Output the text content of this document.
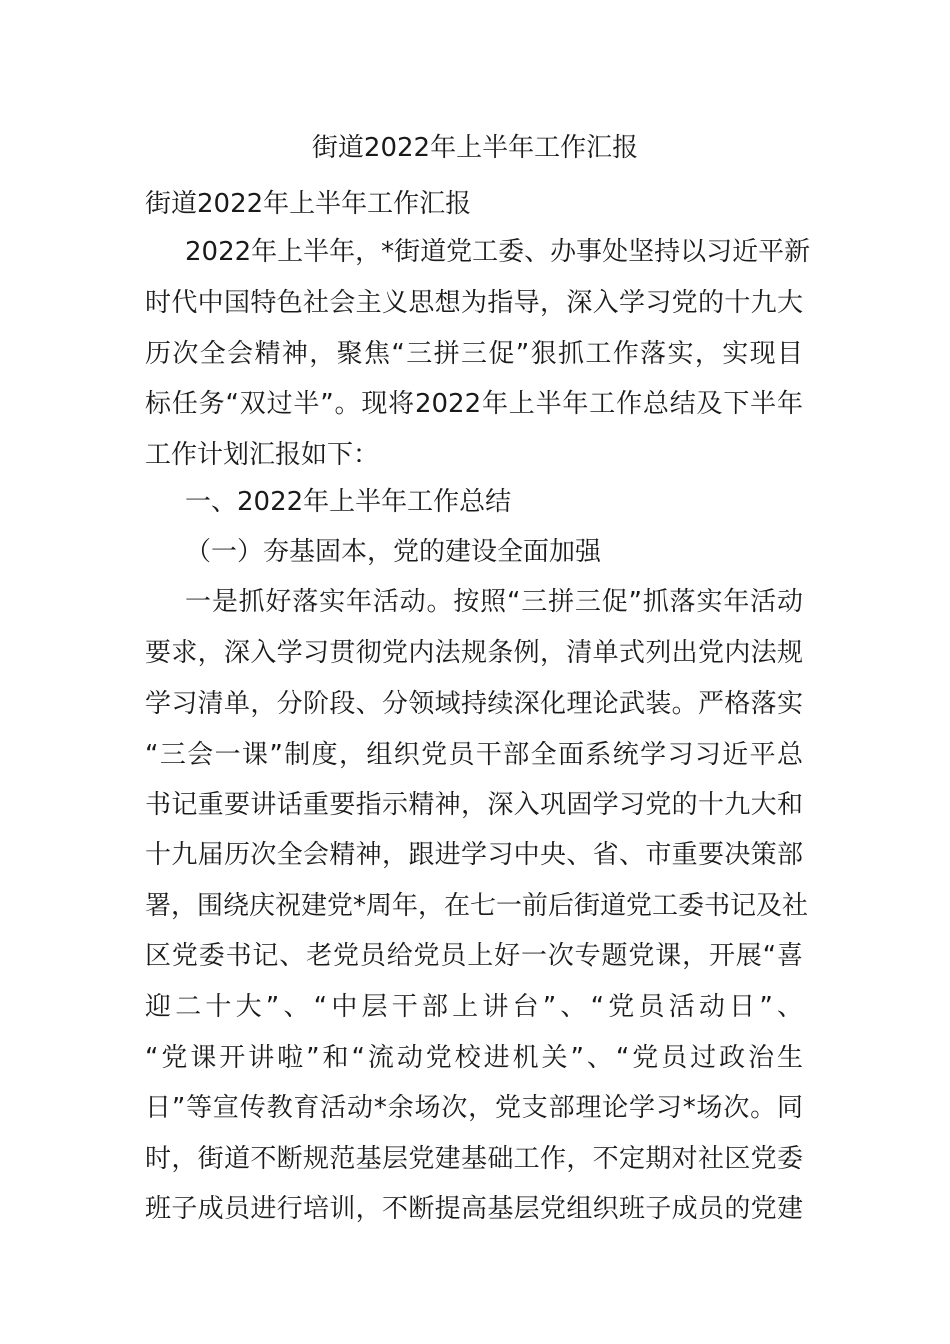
街道2022年上半年工作汇报
街道2022年上半年工作汇报
2022年上半年，*街道党工委、办事处坚持以习近平新
时代中国特色社会主义思想为指导，深入学习党的十九大
历次全会精神，聚焦“三拼三促”狠抓工作落实，实现目
标任务“双过半”。现将2022年上半年工作总结及下半年
工作计划汇报如下：
一、2022年上半年工作总结
（一）夯基固本，党的建设全面加强
一是抓好落实年活动。按照“三拼三促”抓落实年活动
要求，深入学习贯彻党内法规条例，清单式列出党内法规
学习清单，分阶段、分领域持续深化理论武装。严格落实
“三会一课”制度，组织党员干部全面系统学习习近平总
书记重要讲话重要指示精神，深入巩固学习党的十九大和
十九届历次全会精神，跟进学习中央、省、市重要决策部
署，围绕庆祝建党*周年，在七一前后街道党工委书记及社
区党委书记、老党员给党员上好一次专题党课，开展“喜
迎二十大”、“中层干部上讲台”、“党员活动日”、
“党课开讲啦”和“流动党校进机关”、“党员过政治生
日”等宣传教育活动*余场次，党支部理论学习*场次。同
时，街道不断规范基层党建基础工作，不定期对社区党委
班子成员进行培训，不断提高基层党组织班子成员的党建
